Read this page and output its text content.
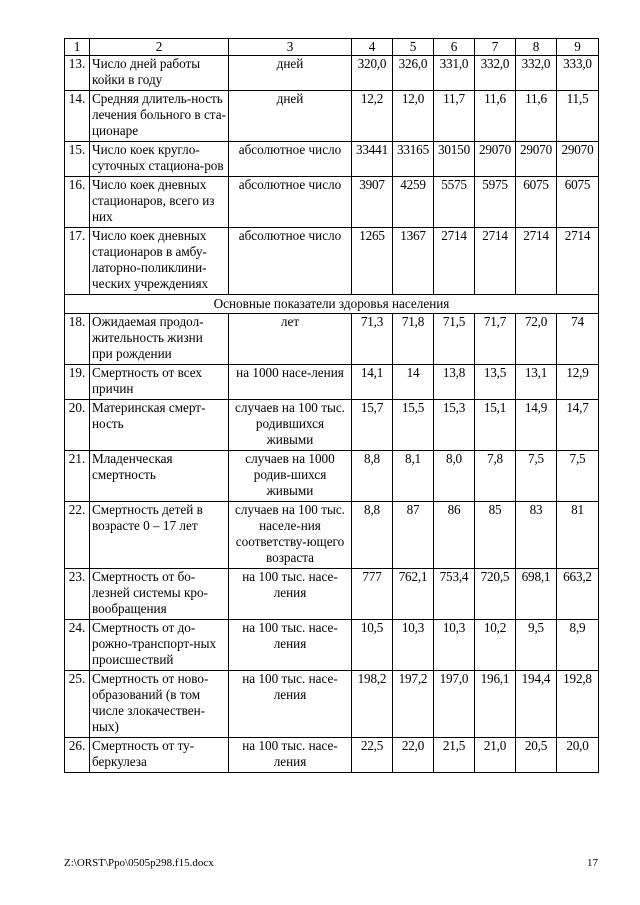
1	2	3	4	5	6	7	8	9
13.	Число дней работы койки в году	дней	320,0	326,0	331,0	332,0	332,0	333,0
14.	Средняя длитель-ность лечения больного в ста-ционаре	дней	12,2	12,0	11,7	11,6	11,6	11,5
15.	Число коек кругло-суточных стациона-ров	абсолютное число	33441	33165	30150	29070	29070	29070
16.	Число коек дневных стационаров, всего из них	абсолютное число	3907	4259	5575	5975	6075	6075
17.	Число коек дневных стационаров в амбу-латорно-поликлини-ческих учреждениях	абсолютное число	1265	1367	2714	2714	2714	2714
Основные показатели здоровья населения								
18.	Ожидаемая продол-жительность жизни при рождении	лет	71,3	71,8	71,5	71,7	72,0	74
19.	Смертность от всех причин	на 1000 насе-ления	14,1	14	13,8	13,5	13,1	12,9
20.	Материнская смерт-ность	случаев на 100 тыс. родившихся живыми	15,7	15,5	15,3	15,1	14,9	14,7
21.	Младенческая смертность	случаев на 1000 родив-шихся живыми	8,8	8,1	8,0	7,8	7,5	7,5
22.	Смертность детей в возрасте 0 – 17 лет	случаев на 100 тыс. населе-ния соответству-ющего возраста	8,8	87	86	85	83	81
23.	Смертность от бо-лезней системы кро-вообращения	на 100 тыс. насе-ления	777	762,1	753,4	720,5	698,1	663,2
24.	Смертность от до-рожно-транспорт-ных происшествий	на 100 тыс. насе-ления	10,5	10,3	10,3	10,2	9,5	8,9
25.	Смертность от ново-образований (в том числе злокачествен-ных)	на 100 тыс. насе-ления	198,2	197,2	197,0	196,1	194,4	192,8
26.	Смертность от ту-беркулеза	на 100 тыс. насе-ления	22,5	22,0	21,5	21,0	20,5	20,0
Z:\ORST\Ppo\0505p298.f15.docx	17
